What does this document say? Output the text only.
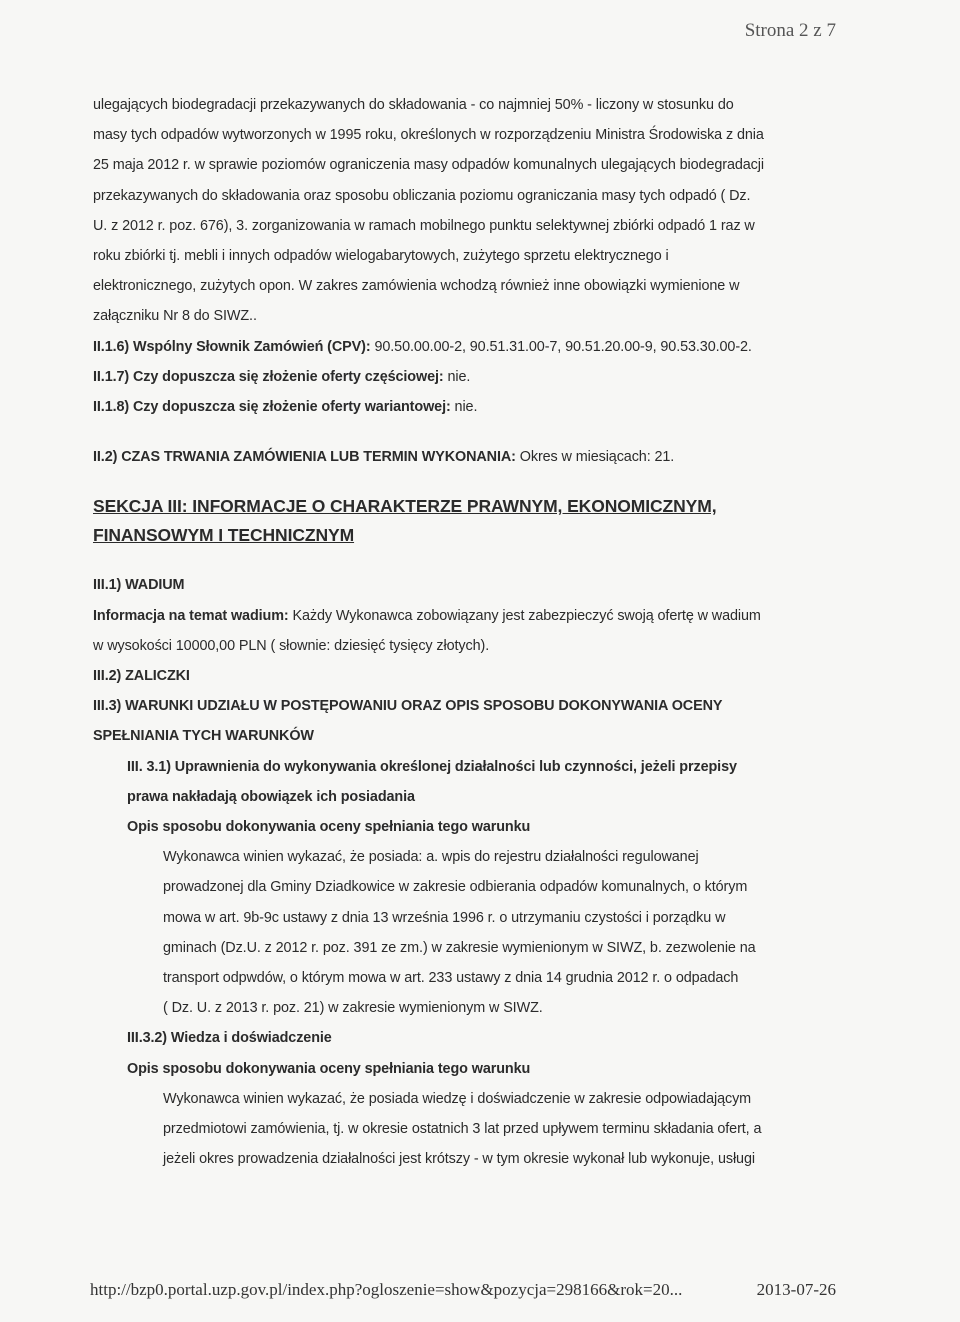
Strona 2 z 7

ulegających biodegradacji przekazywanych do składowania - co najmniej 50% - liczony w stosunku do

masy tych odpadów wytworzonych w 1995 roku, określonych w rozporządzeniu Ministra Środowiska z dnia

25 maja 2012 r. w sprawie poziomów ograniczenia masy odpadów komunalnych ulegających biodegradacji

przekazywanych do składowania oraz sposobu obliczania poziomu ograniczania masy tych odpadó ( Dz.

U. z 2012 r. poz. 676), 3. zorganizowania w ramach mobilnego punktu selektywnej zbiórki odpadó 1 raz w

roku zbiórki tj. mebli i innych odpadów wielogabarytowych, zużytego sprzetu elektrycznego i

elektronicznego, zużytych opon. W zakres zamówienia wchodzą również inne obowiązki wymienione w

załączniku Nr 8 do SIWZ..

II.1.6) Wspólny Słownik Zamówień (CPV): 90.50.00.00-2, 90.51.31.00-7, 90.51.20.00-9, 90.53.30.00-2.

II.1.7) Czy dopuszcza się złożenie oferty częściowej: nie.

II.1.8) Czy dopuszcza się złożenie oferty wariantowej: nie.

II.2) CZAS TRWANIA ZAMÓWIENIA LUB TERMIN WYKONANIA: Okres w miesiącach: 21.

SEKCJA III: INFORMACJE O CHARAKTERZE PRAWNYM, EKONOMICZNYM,

FINANSOWYM I TECHNICZNYM

III.1) WADIUM

Informacja na temat wadium: Każdy Wykonawca zobowiązany jest zabezpieczyć swoją ofertę w wadium

w wysokości 10000,00 PLN ( słownie: dziesięć tysięcy złotych).

III.2) ZALICZKI

III.3) WARUNKI UDZIAŁU W POSTĘPOWANIU ORAZ OPIS SPOSOBU DOKONYWANIA OCENY

SPEŁNIANIA TYCH WARUNKÓW

III. 3.1) Uprawnienia do wykonywania określonej działalności lub czynności, jeżeli przepisy

prawa nakładają obowiązek ich posiadania

Opis sposobu dokonywania oceny spełniania tego warunku

Wykonawca winien wykazać, że posiada: a. wpis do rejestru działalności regulowanej

prowadzonej dla Gminy Dziadkowice w zakresie odbierania odpadów komunalnych, o którym

mowa w art. 9b-9c ustawy z dnia 13 września 1996 r. o utrzymaniu czystości i porządku w

gminach (Dz.U. z 2012 r. poz. 391 ze zm.) w zakresie wymienionym w SIWZ, b. zezwolenie na

transport odpwdów, o którym mowa w art. 233 ustawy z dnia 14 grudnia 2012 r. o odpadach

( Dz. U. z 2013 r. poz. 21) w zakresie wymienionym w SIWZ.

III.3.2) Wiedza i doświadczenie

Opis sposobu dokonywania oceny spełniania tego warunku

Wykonawca winien wykazać, że posiada wiedzę i doświadczenie w zakresie odpowiadającym

przedmiotowi zamówienia, tj. w okresie ostatnich 3 lat przed upływem terminu składania ofert, a

jeżeli okres prowadzenia działalności jest krótszy - w tym okresie wykonał lub wykonuje, usługi

http://bzp0.portal.uzp.gov.pl/index.php?ogloszenie=show&pozycja=298166&rok=20...	2013-07-26
